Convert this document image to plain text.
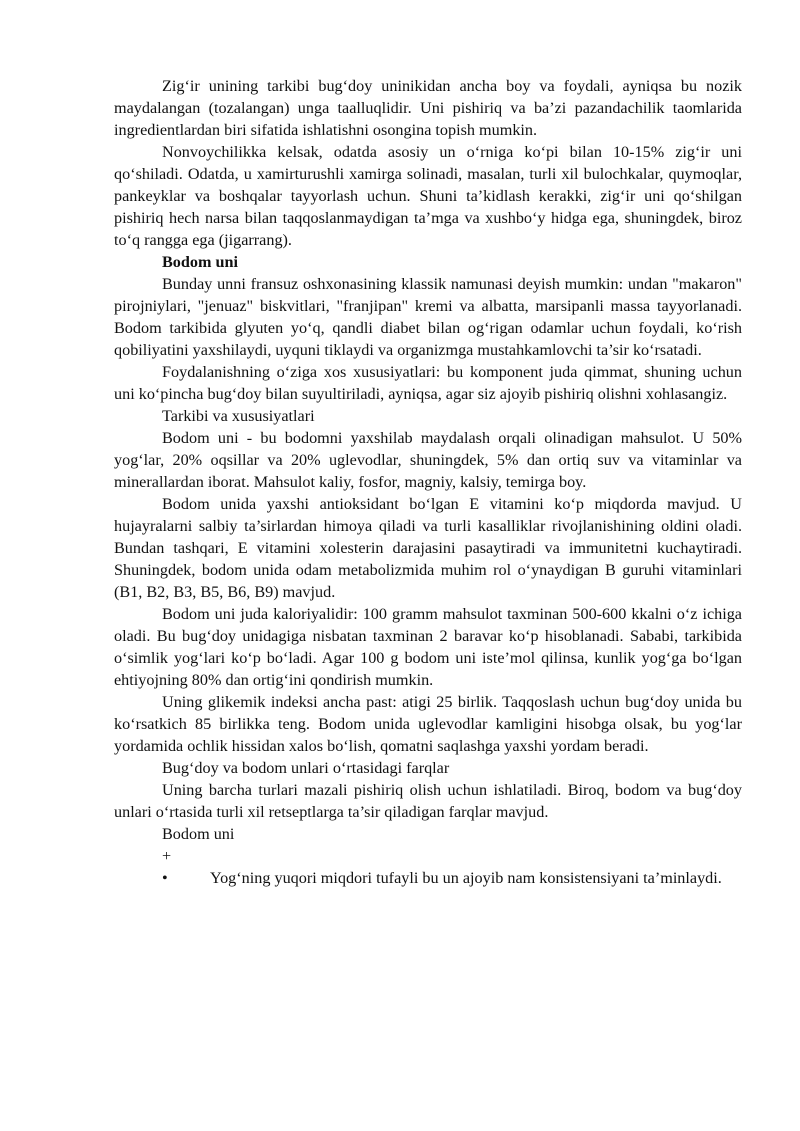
Zig‘ir unining tarkibi bug‘doy uninikidan ancha boy va foydali, ayniqsa bu nozik maydalangan (tozalangan) unga taalluqlidir. Uni pishiriq va ba’zi pazandachilik taomlarida ingredientlardan biri sifatida ishlatishni osongina topish mumkin.

Nonvoychilikka kelsak, odatda asosiy un o‘rniga ko‘pi bilan 10-15% zig‘ir uni qo‘shiladi. Odatda, u xamirturushli xamirga solinadi, masalan, turli xil bulochkalar, quymoqlar, pankeyklar va boshqalar tayyorlash uchun. Shuni ta’kidlash kerakki, zig‘ir uni qo‘shilgan pishiriq hech narsa bilan taqqoslanmaydigan ta’mga va xushbo‘y hidga ega, shuningdek, biroz to‘q rangga ega (jigarrang).

Bodom uni

Bunday unni fransuz oshxonasining klassik namunasi deyish mumkin: undan "makaron" pirojniylari, "jenuaz" biskvitlari, "franjipan" kremi va albatta, marsipanli massa tayyorlanadi. Bodom tarkibida glyuten yo‘q, qandli diabet bilan og‘rigan odamlar uchun foydali, ko‘rish qobiliyatini yaxshilaydi, uyquni tiklaydi va organizmga mustahkamlovchi ta’sir ko‘rsatadi.

Foydalanishning o‘ziga xos xususiyatlari: bu komponent juda qimmat, shuning uchun uni ko‘pincha bug‘doy bilan suyultiriladi, ayniqsa, agar siz ajoyib pishiriq olishni xohlasangiz.

Tarkibi va xususiyatlari

Bodom uni - bu bodomni yaxshilab maydalash orqali olinadigan mahsulot. U 50% yog‘lar, 20% oqsillar va 20% uglevodlar, shuningdek, 5% dan ortiq suv va vitaminlar va minerallardan iborat. Mahsulot kaliy, fosfor, magniy, kalsiy, temirga boy.

Bodom unida yaxshi antioksidant bo‘lgan E vitamini ko‘p miqdorda mavjud. U hujayralarni salbiy ta’sirlardan himoya qiladi va turli kasalliklar rivojlanishining oldini oladi. Bundan tashqari, E vitamini xolesterin darajasini pasaytiradi va immunitetni kuchaytiradi. Shuningdek, bodom unida odam metabolizmida muhim rol o‘ynaydigan B guruhi vitaminlari (B1, B2, B3, B5, B6, B9) mavjud.

Bodom uni juda kaloriyalidir: 100 gramm mahsulot taxminan 500-600 kkalni o‘z ichiga oladi. Bu bug‘doy unidagiga nisbatan taxminan 2 baravar ko‘p hisoblanadi. Sababi, tarkibida o‘simlik yog‘lari ko‘p bo‘ladi. Agar 100 g bodom uni iste’mol qilinsa, kunlik yog‘ga bo‘lgan ehtiyojning 80% dan ortig‘ini qondirish mumkin.

Uning glikemik indeksi ancha past: atigi 25 birlik. Taqqoslash uchun bug‘doy unida bu ko‘rsatkich 85 birlikka teng. Bodom unida uglevodlar kamligini hisobga olsak, bu yog‘lar yordamida ochlik hissidan xalos bo‘lish, qomatni saqlashga yaxshi yordam beradi.

Bug‘doy va bodom unlari o‘rtasidagi farqlar

Uning barcha turlari mazali pishiriq olish uchun ishlatiladi. Biroq, bodom va bug‘doy unlari o‘rtasida turli xil retseptlarga ta’sir qiladigan farqlar mavjud.

Bodom uni

+

•	Yog‘ning yuqori miqdori tufayli bu un ajoyib nam konsistensiyani ta’minlaydi.
